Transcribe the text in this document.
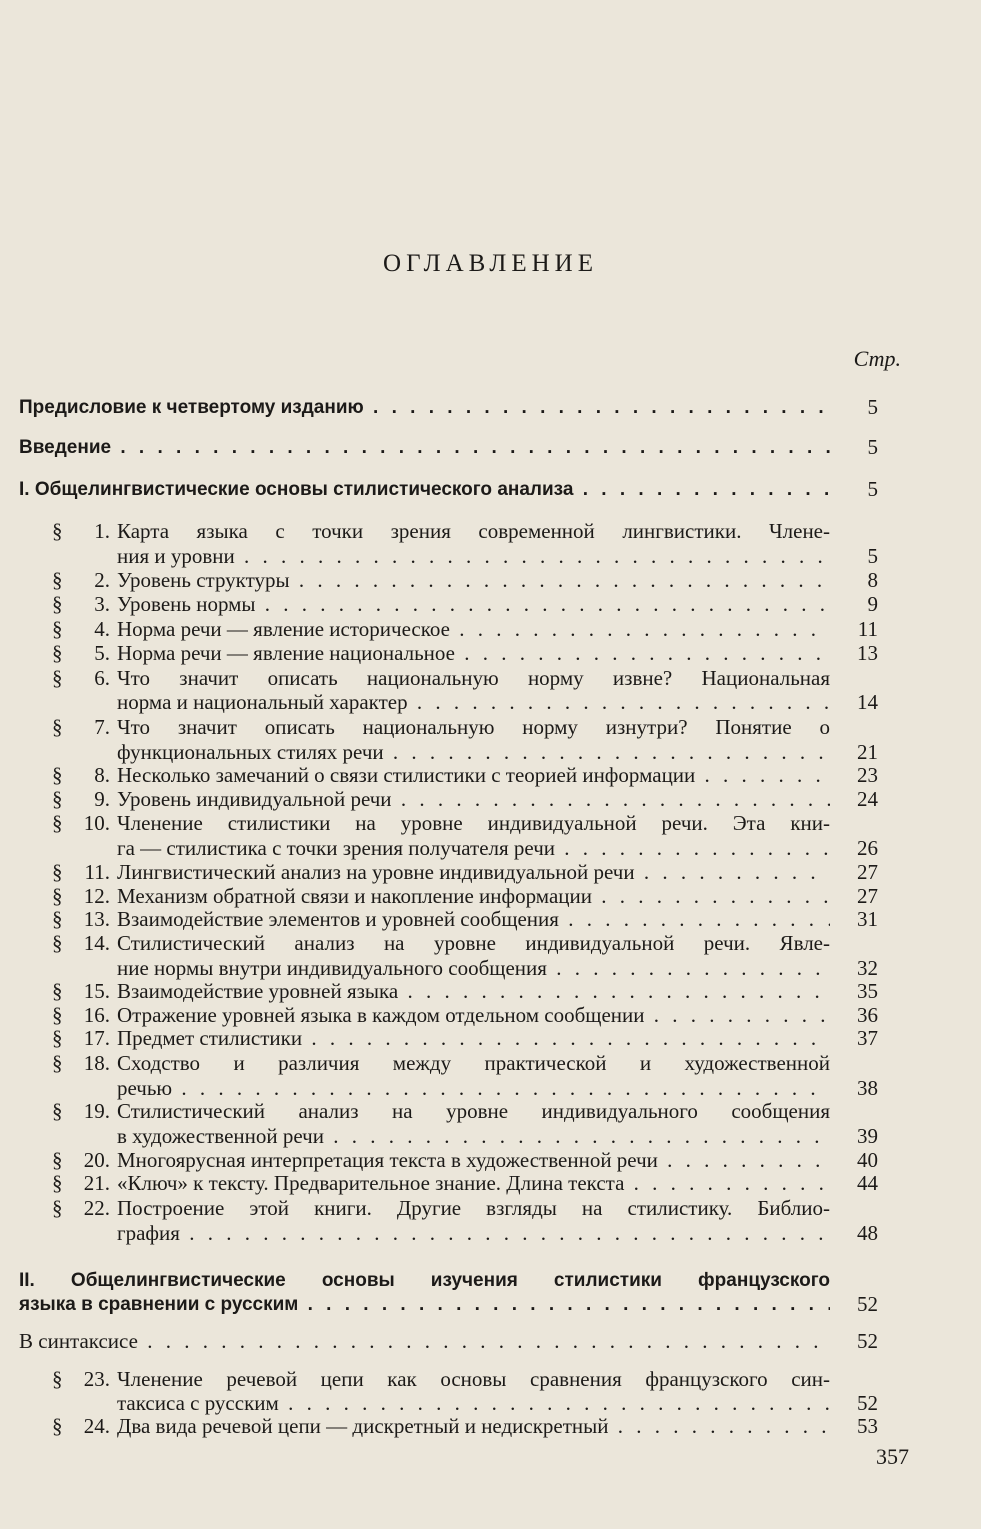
ОГЛАВЛЕНИЕ
Стр.
Предисловие к четвертому изданию . . .	5
Введение . . .	5
I. Общелингвистические основы стилистического анализа . . .	5
§ 1. Карта языка с точки зрения современной лингвистики. Члене-
ния и уровни . . .	5
§ 2. Уровень структуры . . .	8
§ 3. Уровень нормы . . .	9
§ 4. Норма речи — явление историческое . . .	11
§ 5. Норма речи — явление национальное . . .	13
§ 6. Что значит описать национальную норму извне? Национальная
норма и национальный характер . . .	14
§ 7. Что значит описать национальную норму изнутри? Понятие о
функциональных стилях речи . . .	21
§ 8. Несколько замечаний о связи стилистики с теорией информации . . .	23
§ 9. Уровень индивидуальной речи . . .	24
§ 10. Членение стилистики на уровне индивидуальной речи. Эта кни-
га — стилистика с точки зрения получателя речи . . .	26
§ 11. Лингвистический анализ на уровне индивидуальной речи . . .	27
§ 12. Механизм обратной связи и накопление информации . . .	27
§ 13. Взаимодействие элементов и уровней сообщения . . .	31
§ 14. Стилистический анализ на уровне индивидуальной речи. Явле-
ние нормы внутри индивидуального сообщения . . .	32
§ 15. Взаимодействие уровней языка . . .	35
§ 16. Отражение уровней языка в каждом отдельном сообщении . . .	36
§ 17. Предмет стилистики . . .	37
§ 18. Сходство и различия между практической и художественной
речью . . .	38
§ 19. Стилистический анализ на уровне индивидуального сообщения
в художественной речи . . .	39
§ 20. Многоярусная интерпретация текста в художественной речи . . .	40
§ 21. «Ключ» к тексту. Предварительное знание. Длина текста . . .	44
§ 22. Построение этой книги. Другие взгляды на стилистику. Библио-
графия . . .	48
II. Общелингвистические основы изучения стилистики французского
языка в сравнении с русским . . .	52
В синтаксисе . . .	52
§ 23. Членение речевой цепи как основы сравнения французского син-
таксиса с русским . . .	52
§ 24. Два вида речевой цепи — дискретный и недискретный . . .	53
357
